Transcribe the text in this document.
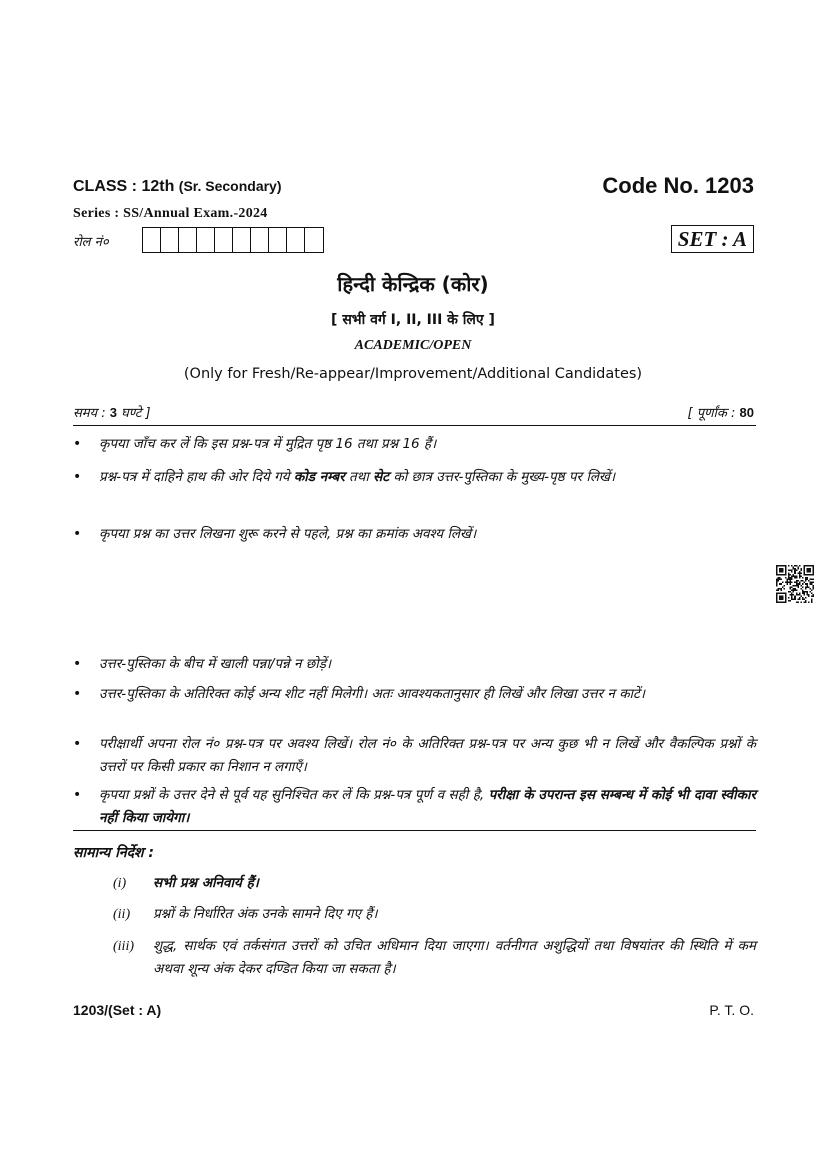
CLASS : 12th (Sr. Secondary)	Code No. 1203
Series : SS/Annual Exam.-2024
रोल नं०	SET : A
हिन्दी केन्द्रिक (कोर)
[ सभी वर्ग I, II, III के लिए ]
ACADEMIC/OPEN
(Only for Fresh/Re-appear/Improvement/Additional Candidates)
समय : 3 घण्टे ]	[ पूर्णांक : 80
•	कृपया जाँच कर लें कि इस प्रश्न-पत्र में मुद्रित पृष्ठ 16 तथा प्रश्न 16 हैं।
•	प्रश्न-पत्र में दाहिने हाथ की ओर दिये गये कोड नम्बर तथा सेट को छात्र उत्तर-पुस्तिका के मुख्य-पृष्ठ पर लिखें।
•	कृपया प्रश्न का उत्तर लिखना शुरू करने से पहले, प्रश्न का क्रमांक अवश्य लिखें।
•	उत्तर-पुस्तिका के बीच में खाली पन्ना/पन्ने न छोड़ें।
•	उत्तर-पुस्तिका के अतिरिक्त कोई अन्य शीट नहीं मिलेगी। अतः आवश्यकतानुसार ही लिखें और लिखा उत्तर न काटें।
•	परीक्षार्थी अपना रोल नं० प्रश्न-पत्र पर अवश्य लिखें। रोल नं० के अतिरिक्त प्रश्न-पत्र पर अन्य कुछ भी न लिखें और वैकल्पिक प्रश्नों के उत्तरों पर किसी प्रकार का निशान न लगाएँ।
•	कृपया प्रश्नों के उत्तर देने से पूर्व यह सुनिश्चित कर लें कि प्रश्न-पत्र पूर्ण व सही है, परीक्षा के उपरान्त इस सम्बन्ध में कोई भी दावा स्वीकार नहीं किया जायेगा।
सामान्य निर्देश :
(i)	सभी प्रश्न अनिवार्य हैं।
(ii)	प्रश्नों के निर्धारित अंक उनके सामने दिए गए हैं।
(iii)	शुद्ध, सार्थक एवं तर्कसंगत उत्तरों को उचित अधिमान दिया जाएगा। वर्तनीगत अशुद्धियों तथा विषयांतर की स्थिति में कम अथवा शून्य अंक देकर दण्डित किया जा सकता है।
1203/(Set : A)	P. T. O.
